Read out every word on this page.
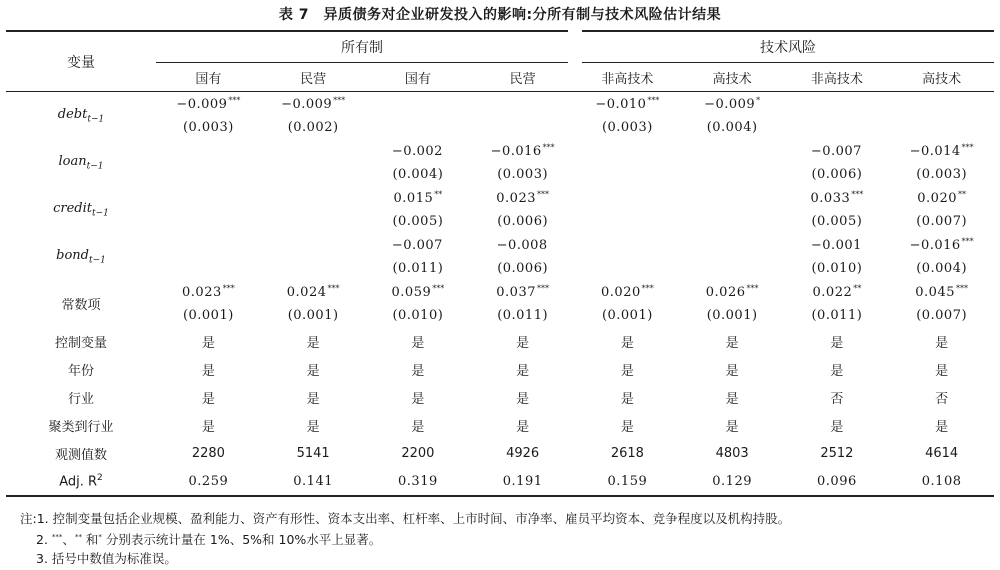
表 7　异质债务对企业研发投入的影响:分所有制与技术风险估计结果
变量	所有制				技术风险			
	国有	民营	国有	民营	非高技术	高技术	非高技术	高技术
debt$_{t-1}$	−0.009***	−0.009***			−0.010***	−0.009*		
	(0.003)	(0.002)			(0.003)	(0.004)		
loan$_{t-1}$			−0.002	−0.016***			−0.007	−0.014***
			(0.004)	(0.003)			(0.006)	(0.003)
credit$_{t-1}$			0.015**	0.023***			0.033***	0.020**
			(0.005)	(0.006)			(0.005)	(0.007)
bond$_{t-1}$			−0.007	−0.008			−0.001	−0.016***
			(0.011)	(0.006)			(0.010)	(0.004)
常数项	0.023***	0.024***	0.059***	0.037***	0.020***	0.026***	0.022**	0.045***
	(0.001)	(0.001)	(0.010)	(0.011)	(0.001)	(0.001)	(0.011)	(0.007)
控制变量	是	是	是	是	是	是	是	是
年份	是	是	是	是	是	是	是	是
行业	是	是	是	是	是	是	否	否
聚类到行业	是	是	是	是	是	是	是	是
观测值数	2280	5141	2200	4926	2618	4803	2512	4614
Adj. $R^2$	0.259	0.141	0.319	0.191	0.159	0.129	0.096	0.108
注:1. 控制变量包括企业规模、盈利能力、资产有形性、资本支出率、杠杆率、上市时间、市净率、雇员平均资本、竞争程度以及机构持股。
2. ***、** 和* 分别表示统计量在 1%、5%和 10%水平上显著。
3. 括号中数值为标准误。
